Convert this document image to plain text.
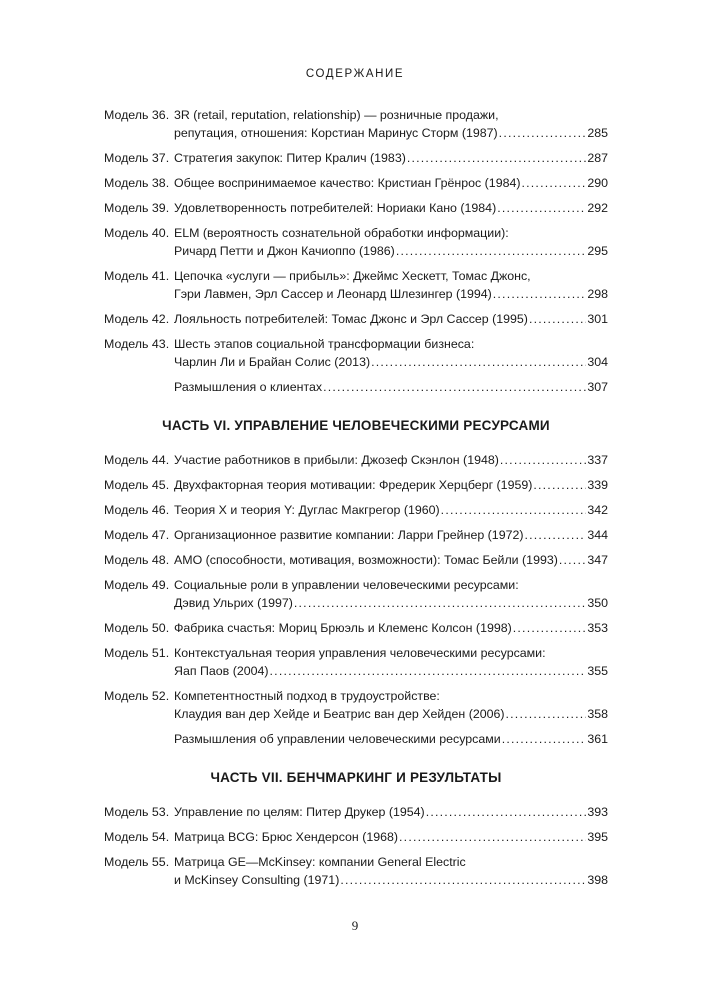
СОДЕРЖАНИЕ
Модель 36. 3R (retail, reputation, relationship) — розничные продажи,
репутация, отношения: Корстиан Маринус Сторм (1987) .....	285
Модель 37. Стратегия закупок: Питер Кралич (1983) .....	287
Модель 38. Общее воспринимаемое качество: Кристиан Грёнрос (1984) .....	290
Модель 39. Удовлетворенность потребителей: Нориаки Кано (1984) .....	292
Модель 40. ELM (вероятность сознательной обработки информации):
Ричард Петти и Джон Качиоппо (1986) .....	295
Модель 41. Цепочка «услуги — прибыль»: Джеймс Хескетт, Томас Джонс,
Гэри Лавмен, Эрл Сассер и Леонард Шлезингер (1994) .....	298
Модель 42. Лояльность потребителей: Томас Джонс и Эрл Сассер (1995) .....	301
Модель 43. Шесть этапов социальной трансформации бизнеса:
Чарлин Ли и Брайан Солис (2013) .....	304
Размышления о клиентах .....	307
ЧАСТЬ VI. УПРАВЛЕНИЕ ЧЕЛОВЕЧЕСКИМИ РЕСУРСАМИ
Модель 44. Участие работников в прибыли: Джозеф Скэнлон (1948) .....	337
Модель 45. Двухфакторная теория мотивации: Фредерик Херцберг (1959) .....	339
Модель 46. Теория X и теория Y: Дуглас Макгрегор (1960) .....	342
Модель 47. Организационное развитие компании: Ларри Грейнер (1972) .....	344
Модель 48. AMO (способности, мотивация, возможности): Томас Бейли (1993) ..... 347
Модель 49. Социальные роли в управлении человеческими ресурсами:
Дэвид Ульрих (1997) .....	350
Модель 50. Фабрика счастья: Мориц Брюэль и Клеменс Колсон (1998) .....	353
Модель 51. Контекстуальная теория управления человеческими ресурсами:
Яап Паов (2004) .....	355
Модель 52. Компетентностный подход в трудоустройстве:
Клаудия ван дер Хейде и Беатрис ван дер Хейден (2006) .....	358
Размышления об управлении человеческими ресурсами .....	361
ЧАСТЬ VII. БЕНЧМАРКИНГ И РЕЗУЛЬТАТЫ
Модель 53. Управление по целям: Питер Друкер (1954) .....	393
Модель 54. Матрица BCG: Брюс Хендерсон (1968) .....	395
Модель 55. Матрица GE—McKinsey: компании General Electric
и McKinsey Consulting (1971) .....	398
9
